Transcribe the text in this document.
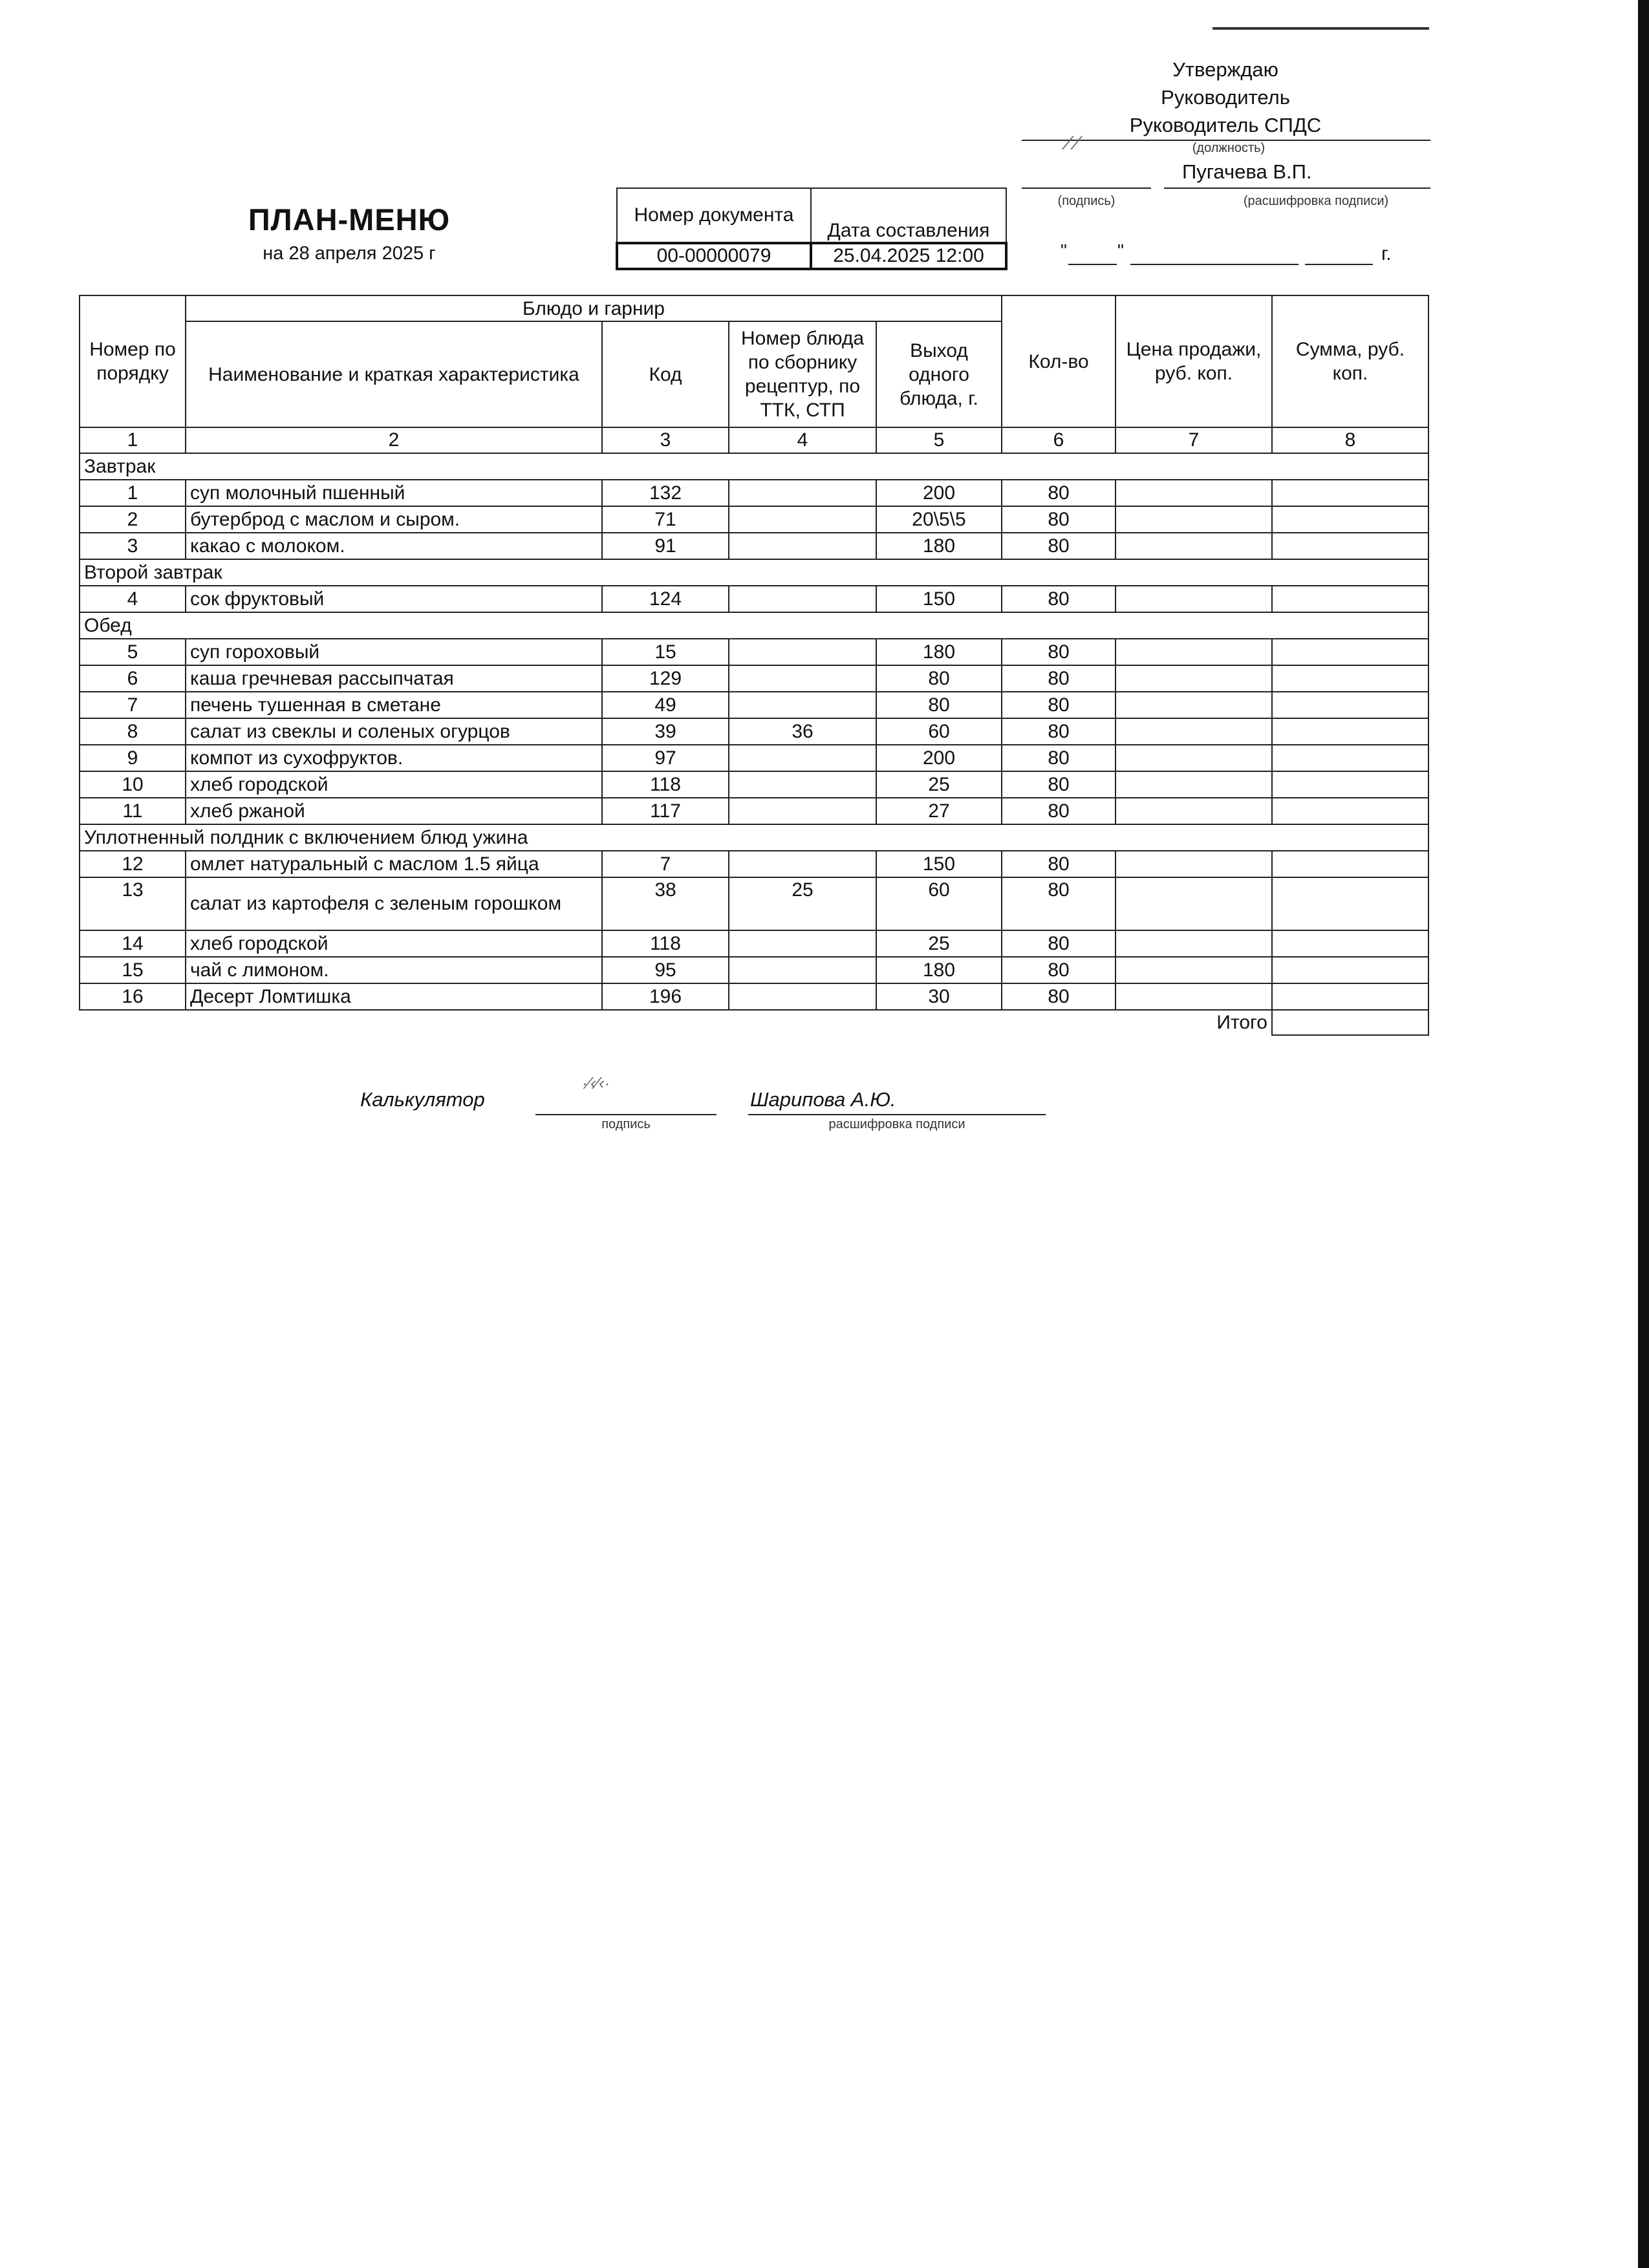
Утверждаю
Руководитель
Руководитель СПДС
(должность)
⁄ ⁄
Пугачева В.П.
(подпись)	(расшифровка подписи)
"	"	г.
ПЛАН-МЕНЮ
на 28 апреля 2025 г
Номер документа	Дата составления
00-00000079	25.04.2025 12:00
Номер по порядку	Блюдо и гарнир				Кол-во	Цена продажи, руб. коп.	Сумма, руб. коп.
	Наименование и краткая характеристика	Код	Номер блюда по сборнику рецептур, по ТТК, СТП	Выход одного блюда, г.			
1	2	3	4	5	6	7	8
Завтрак							
1	суп молочный пшенный	132		200	80		
2	бутерброд с маслом и сыром.	71		20\5\5	80		
3	какао с молоком.	91		180	80		
Второй завтрак							
4	сок фруктовый	124		150	80		
Обед							
5	суп гороховый	15		180	80		
6	каша гречневая рассыпчатая	129		80	80		
7	печень тушенная в сметане	49		80	80		
8	салат из свеклы и соленых огурцов	39	36	60	80		
9	компот из сухофруктов.	97		200	80		
10	хлеб городской	118		25	80		
11	хлеб ржаной	117		27	80		
Уплотненный полдник с включением блюд ужина							
12	омлет натуральный с маслом 1.5 яйца	7		150	80		
13	салат из картофеля с зеленым горошком	38	25	60	80		
14	хлеб городской	118		25	80		
15	чай с лимоном.	95		180	80		
16	Десерт Ломтишка	196		30	80		
Итого							
Калькулятор
·⁄‹⁄‹·
подпись
Шарипова А.Ю.
расшифровка подписи
